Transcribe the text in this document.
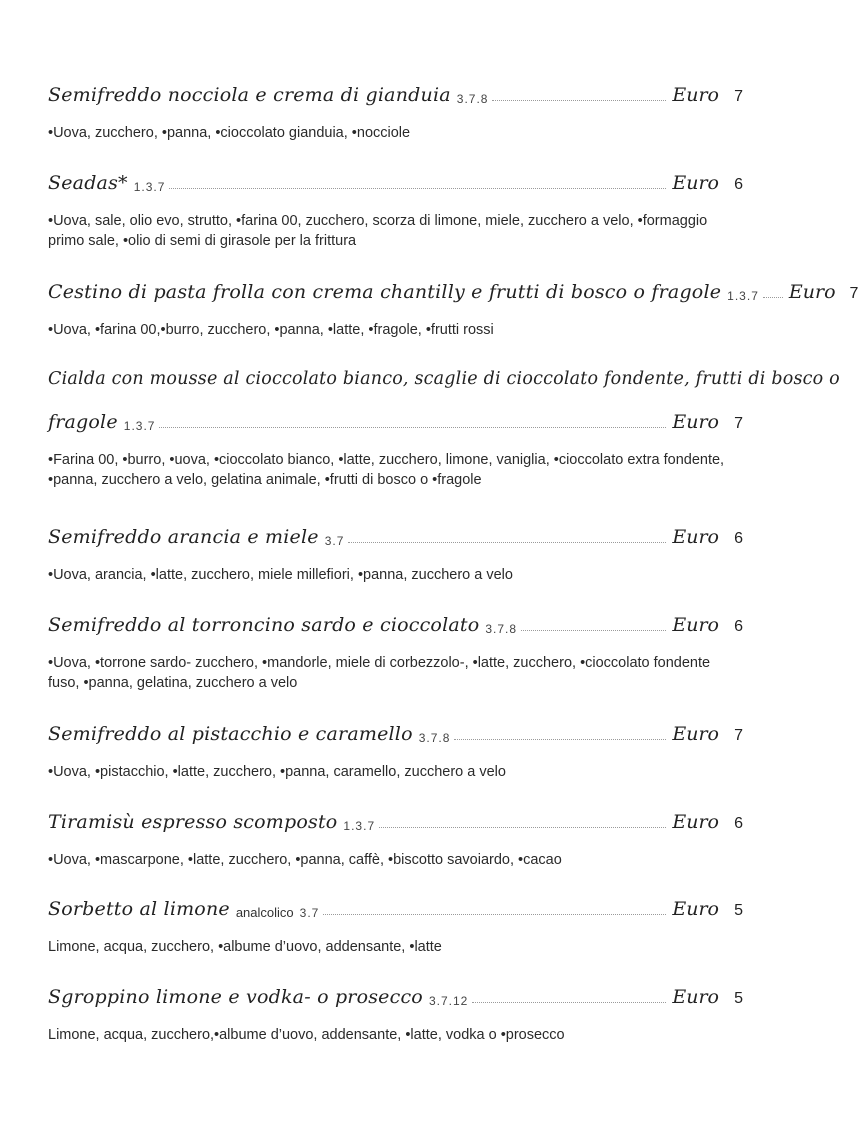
Semifreddo nocciola e crema di gianduia 3.7.8	Euro 7
•Uova, zucchero, •panna, •cioccolato gianduia, •nocciole
Seadas* 1.3.7	Euro 6
•Uova, sale, olio evo, strutto, •farina 00, zucchero, scorza di limone, miele, zucchero a velo, •formaggio primo sale, •olio di semi di girasole per la frittura
Cestino di pasta frolla con crema chantilly e frutti di bosco o fragole 1.3.7 Euro 7
•Uova, •farina 00,•burro, zucchero, •panna, •latte, •fragole, •frutti rossi
Cialda con mousse al cioccolato bianco, scaglie di cioccolato fondente, frutti di bosco o
fragole 1.3.7	Euro 7
•Farina 00, •burro, •uova, •cioccolato bianco, •latte, zucchero, limone, vaniglia, •cioccolato extra fondente, •panna, zucchero a velo, gelatina animale, •frutti di bosco o •fragole
Semifreddo arancia e miele 3.7	Euro 6
•Uova, arancia, •latte, zucchero, miele millefiori, •panna, zucchero a velo
Semifreddo al torroncino sardo e cioccolato 3.7.8	Euro 6
•Uova, •torrone sardo- zucchero, •mandorle, miele di corbezzolo-, •latte, zucchero, •cioccolato fondente fuso, •panna, gelatina, zucchero a velo
Semifreddo al pistacchio e caramello 3.7.8	Euro 7
•Uova, •pistacchio, •latte, zucchero, •panna, caramello, zucchero a velo
Tiramisù espresso scomposto 1.3.7	Euro 6
•Uova, •mascarpone, •latte, zucchero, •panna, caffè, •biscotto savoiardo, •cacao
Sorbetto al limone analcolico 3.7	Euro 5
Limone, acqua, zucchero, •albume d’uovo, addensante, •latte
Sgroppino limone e vodka- o prosecco 3.7.12	Euro 5
Limone, acqua, zucchero,•albume d’uovo, addensante, •latte, vodka o •prosecco
